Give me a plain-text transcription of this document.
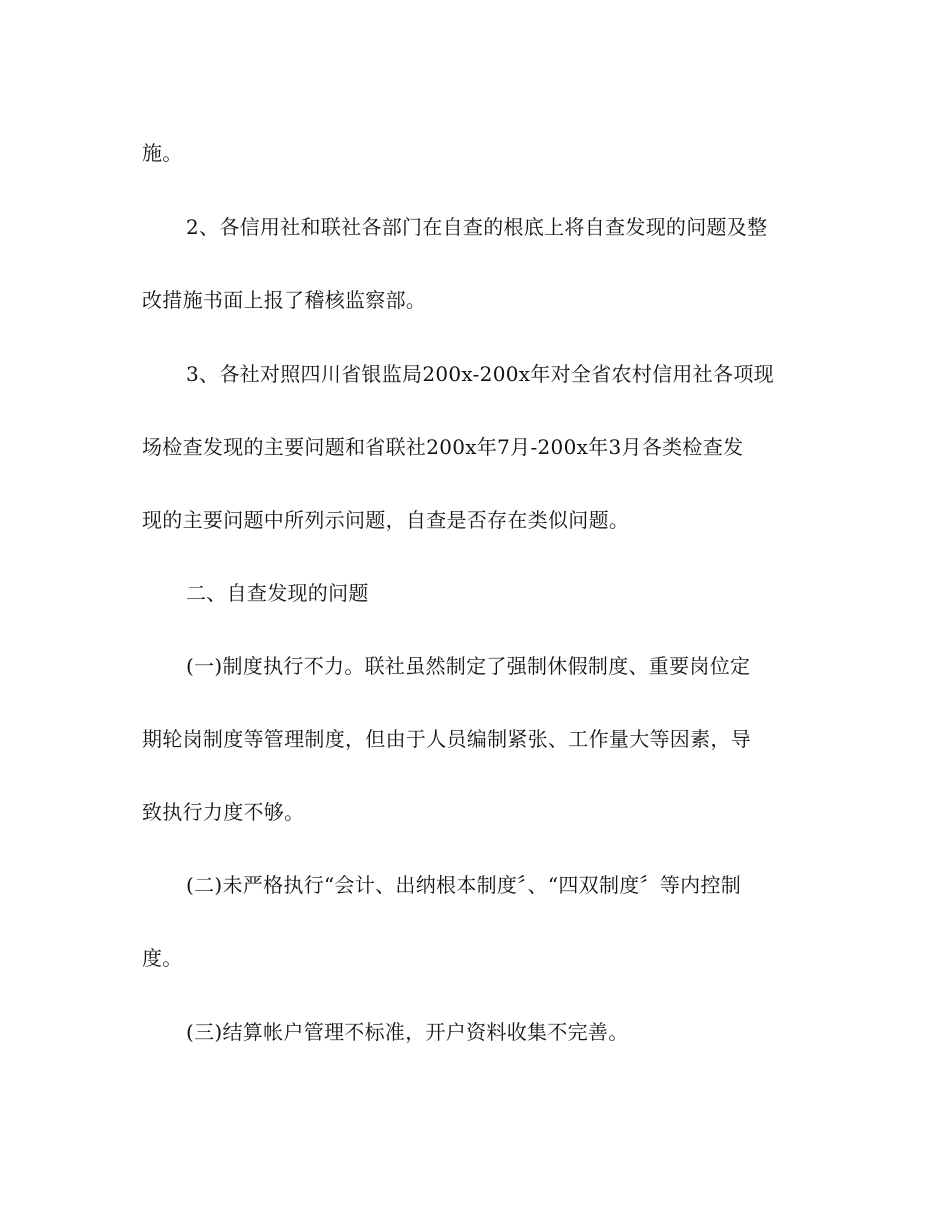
施。
2、各信用社和联社各部门在自查的根底上将自查发现的问题及整
改措施书面上报了稽核监察部。
3、各社对照四川省银监局200x-200x年对全省农村信用社各项现
场检查发现的主要问题和省联社200x年7月-200x年3月各类检查发
现的主要问题中所列示问题，自查是否存在类似问题。
二、自查发现的问题
(一)制度执行不力。联社虽然制定了强制休假制度、重要岗位定
期轮岗制度等管理制度，但由于人员编制紧张、工作量大等因素，导
致执行力度不够。
(二)未严格执行“会计、出纳根本制度〞、“四双制度〞等内控制
度。
(三)结算帐户管理不标准，开户资料收集不完善。
